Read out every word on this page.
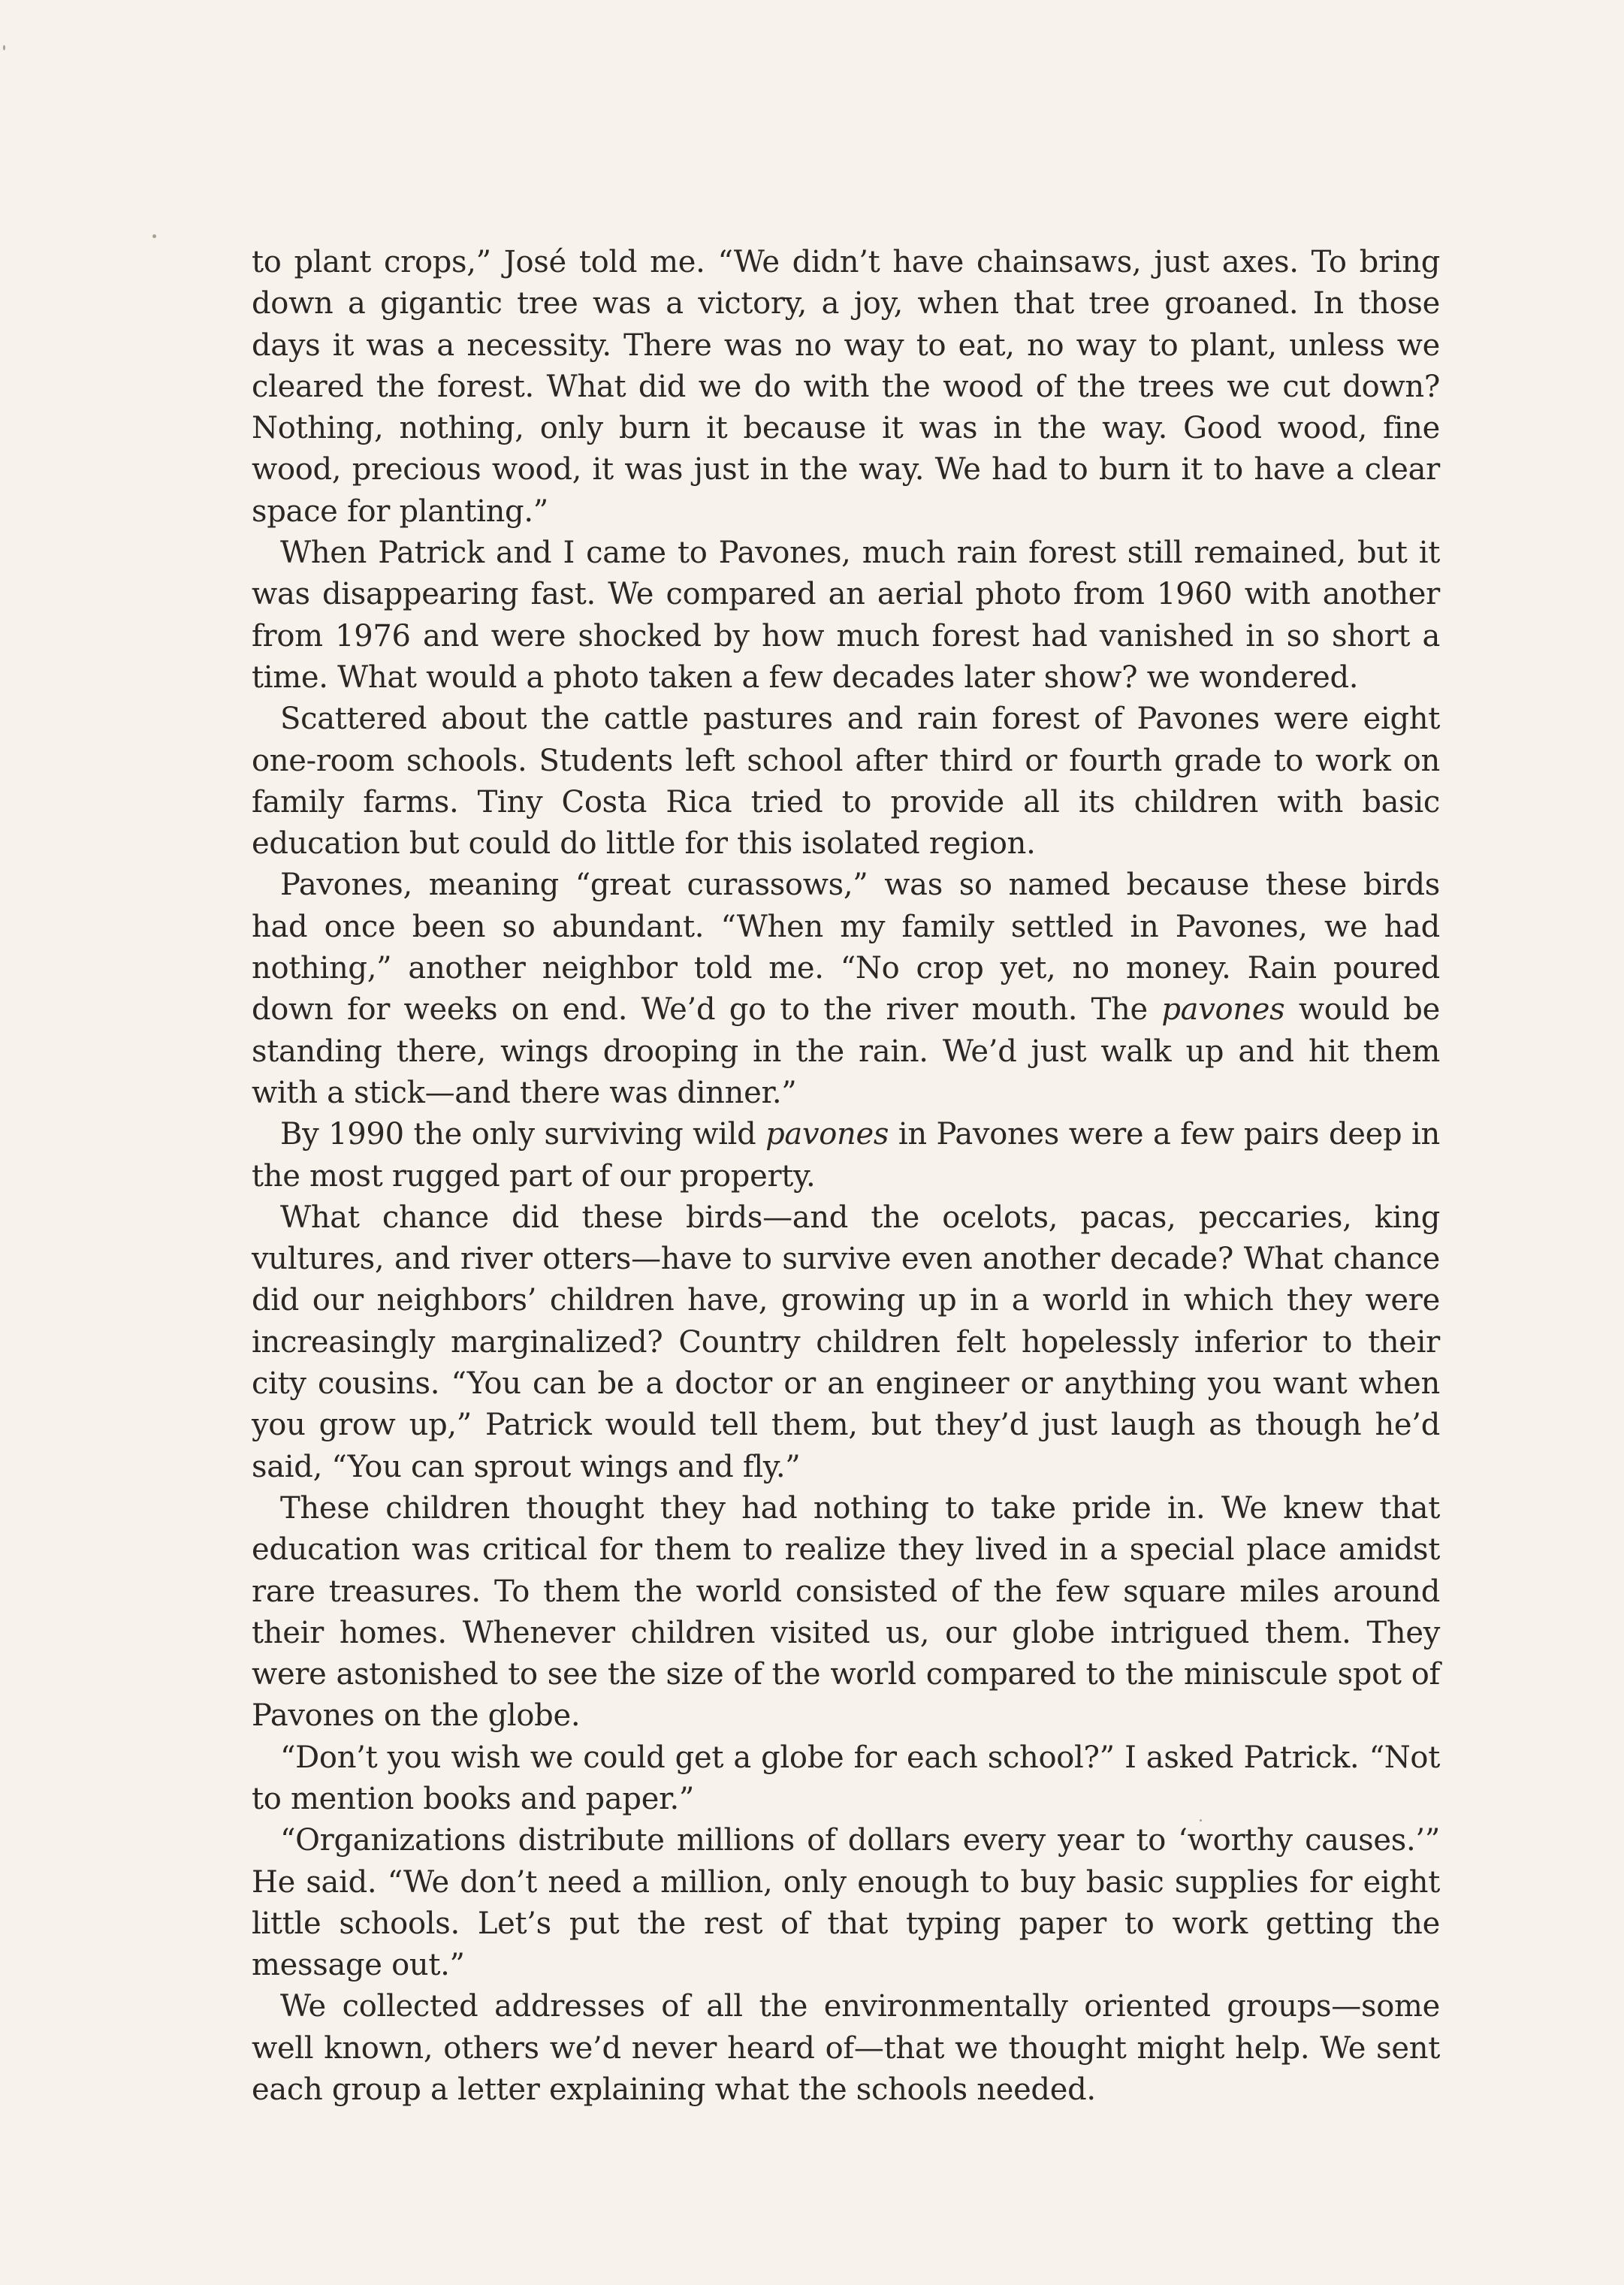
to plant crops,” José told me. “We didn’t have chainsaws, just axes. To bring down a gigantic tree was a victory, a joy, when that tree groaned. In those days it was a necessity. There was no way to eat, no way to plant, unless we cleared the forest. What did we do with the wood of the trees we cut down? Nothing, nothing, only burn it because it was in the way. Good wood, fine wood, precious wood, it was just in the way. We had to burn it to have a clear space for planting.”

When Patrick and I came to Pavones, much rain forest still remained, but it was disappearing fast. We compared an aerial photo from 1960 with another from 1976 and were shocked by how much forest had vanished in so short a time. What would a photo taken a few decades later show? we wondered.

Scattered about the cattle pastures and rain forest of Pavones were eight one-room schools. Students left school after third or fourth grade to work on family farms. Tiny Costa Rica tried to provide all its children with basic education but could do little for this isolated region.

Pavones, meaning “great curassows,” was so named because these birds had once been so abundant. “When my family settled in Pavones, we had nothing,” another neighbor told me. “No crop yet, no money. Rain poured down for weeks on end. We’d go to the river mouth. The pavones would be standing there, wings drooping in the rain. We’d just walk up and hit them with a stick—and there was dinner.”

By 1990 the only surviving wild pavones in Pavones were a few pairs deep in the most rugged part of our property.

What chance did these birds—and the ocelots, pacas, peccaries, king vultures, and river otters—have to survive even another decade? What chance did our neighbors’ children have, growing up in a world in which they were increasingly marginalized? Country children felt hopelessly inferior to their city cousins. “You can be a doctor or an engineer or anything you want when you grow up,” Patrick would tell them, but they’d just laugh as though he’d said, “You can sprout wings and fly.”

These children thought they had nothing to take pride in. We knew that education was critical for them to realize they lived in a special place amidst rare treasures. To them the world consisted of the few square miles around their homes. Whenever children visited us, our globe intrigued them. They were astonished to see the size of the world compared to the miniscule spot of Pavones on the globe.

“Don’t you wish we could get a globe for each school?” I asked Patrick. “Not to mention books and paper.”

“Organizations distribute millions of dollars every year to ‘worthy causes.’” He said. “We don’t need a million, only enough to buy basic supplies for eight little schools. Let’s put the rest of that typing paper to work getting the message out.”

We collected addresses of all the environmentally oriented groups—some well known, others we’d never heard of—that we thought might help. We sent each group a letter explaining what the schools needed.
